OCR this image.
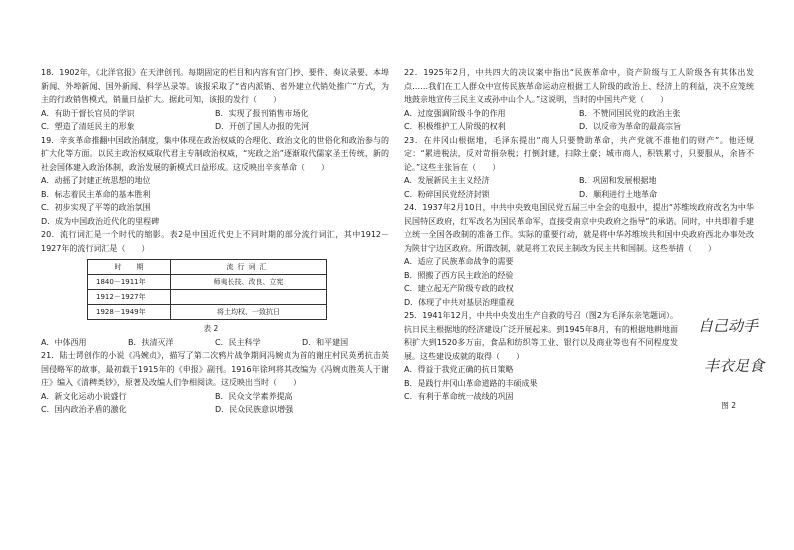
18．1902年，《北洋官报》在天津创刊。每期固定的栏目和内容有宫门抄、要件、奏议录要、本埠新闻、外埠新闻、国外新闻、科学丛录等。该报采取了“省内派销、省外建立代销处推广”方式，为主的行政销售模式，销量日益扩大。据此可知，该报的发行（　　）

A．有助于督长官员的学识	B．实现了报刊销售市场化
C．塑造了清廷民主的形象	D．开创了国人办报的先河

19．辛亥革命推翻中国政治制度，集中体现在政治权威的合理化、政治文化的世俗化和政治参与的扩大化等方面。以民主政治权威取代君主专制政治权威，“宪政之治”逐渐取代儒家圣王传统，新的社会国体建入政治体制，政治发展的新模式日益形成。这反映出辛亥革命（　　）

A．动摇了封建正统思想的地位
B．标志着民主革命的基本胜利
C．初步实现了平等的政治氛围
D．成为中国政治近代化的里程碑

20．流行词汇是一个时代的缩影。表2是中国近代史上不同时期的部分流行词汇，其中1912－1927年的流行词汇是（　　）

时　期	流行词汇
1840－1911年	师夷长技、改良、立宪
1912－1927年	
1928－1949年	将土均权、一致抗日
表 2
A．中体西用	B．扶清灭洋	C．民主科学	D．和平建国

21．陆士谔创作的小说《冯婉贞》，描写了第二次鸦片战争期间冯婉贞为首的谢庄村民英勇抗击英国侵略军的故事，最初载于1915年的《申报》副刊。1916年徐珂将其改编为《冯婉贞胜英人于谢庄》编入《清稗类钞》，原著及改编人们争相阅读。这反映出当时（　　）

A．新文化运动小说盛行	B．民众文学素养提高
C．国内政治矛盾的激化	D．民众民族意识增强

22．1925年2月，中共四大的决议案中指出“民族革命中，资产阶级与工人阶级各有其体出发点……我们在工人群众中宣传民族革命运动应根据工人阶级的政治上、经济上的利益，决不应笼统地鼓亲地宣传三民主义或孙中山个人。”这说明，当时的中国共产党（　　）

A．过度强调阶级斗争的作用	B．不赞同国民党的政治主张
C．积极维护工人阶级的权利	D．以反帝为革命的最高宗旨

23．在井冈山根据地，毛泽东提出“商人只要赞助革命，共产党就不准他们的财产”。他还规定：“累进税法，反对苛捐杂税；打倒封建，扫除土豪；城市商人，积铁累寸，只要服从，余皆不论。”这些主张旨在（　　）

A．发展新民主主义经济	B．巩固和发展根据地
C．粉碎国民党经济封锁	D．顺利进行土地革命

24．1937年2月10日，中共中央致电国民党五届三中全会的电报中，提出“苏维埃政府改名为中华民国特区政府，红军改名为国民革命军，直接受南京中央政府之指导”的承诺。同时，中共即着手建立统一全国各政制的准备工作。实际的重要行动，就是将中华苏维埃共和国中央政府西北办事处改为陕甘宁边区政府。所谓改制，就是将工农民主制改为民主共和国制。这些举措（　　）

A．适应了民族革命战争的需要
B．照搬了西方民主政治的经验
C．建立起无产阶级专政的政权
D．体现了中共对基层治理重视

25．1941年12月，中共中央发出生产自救的号召（图2为毛泽东亲笔题词）。抗日民主根据地的经济建设广泛开展起来。到1945年8月，有的根据地耕地面积扩大到1520多万亩，食品和纺织等工业、银行以及商业等也有不同程度发展。这些建设成就的取得（　　）

A．得益于我党正确的抗日策略
B．是践行井冈山革命道路的丰硕成果
C．有利于革命统一战线的巩固
自己动手
丰衣足食
图 2
